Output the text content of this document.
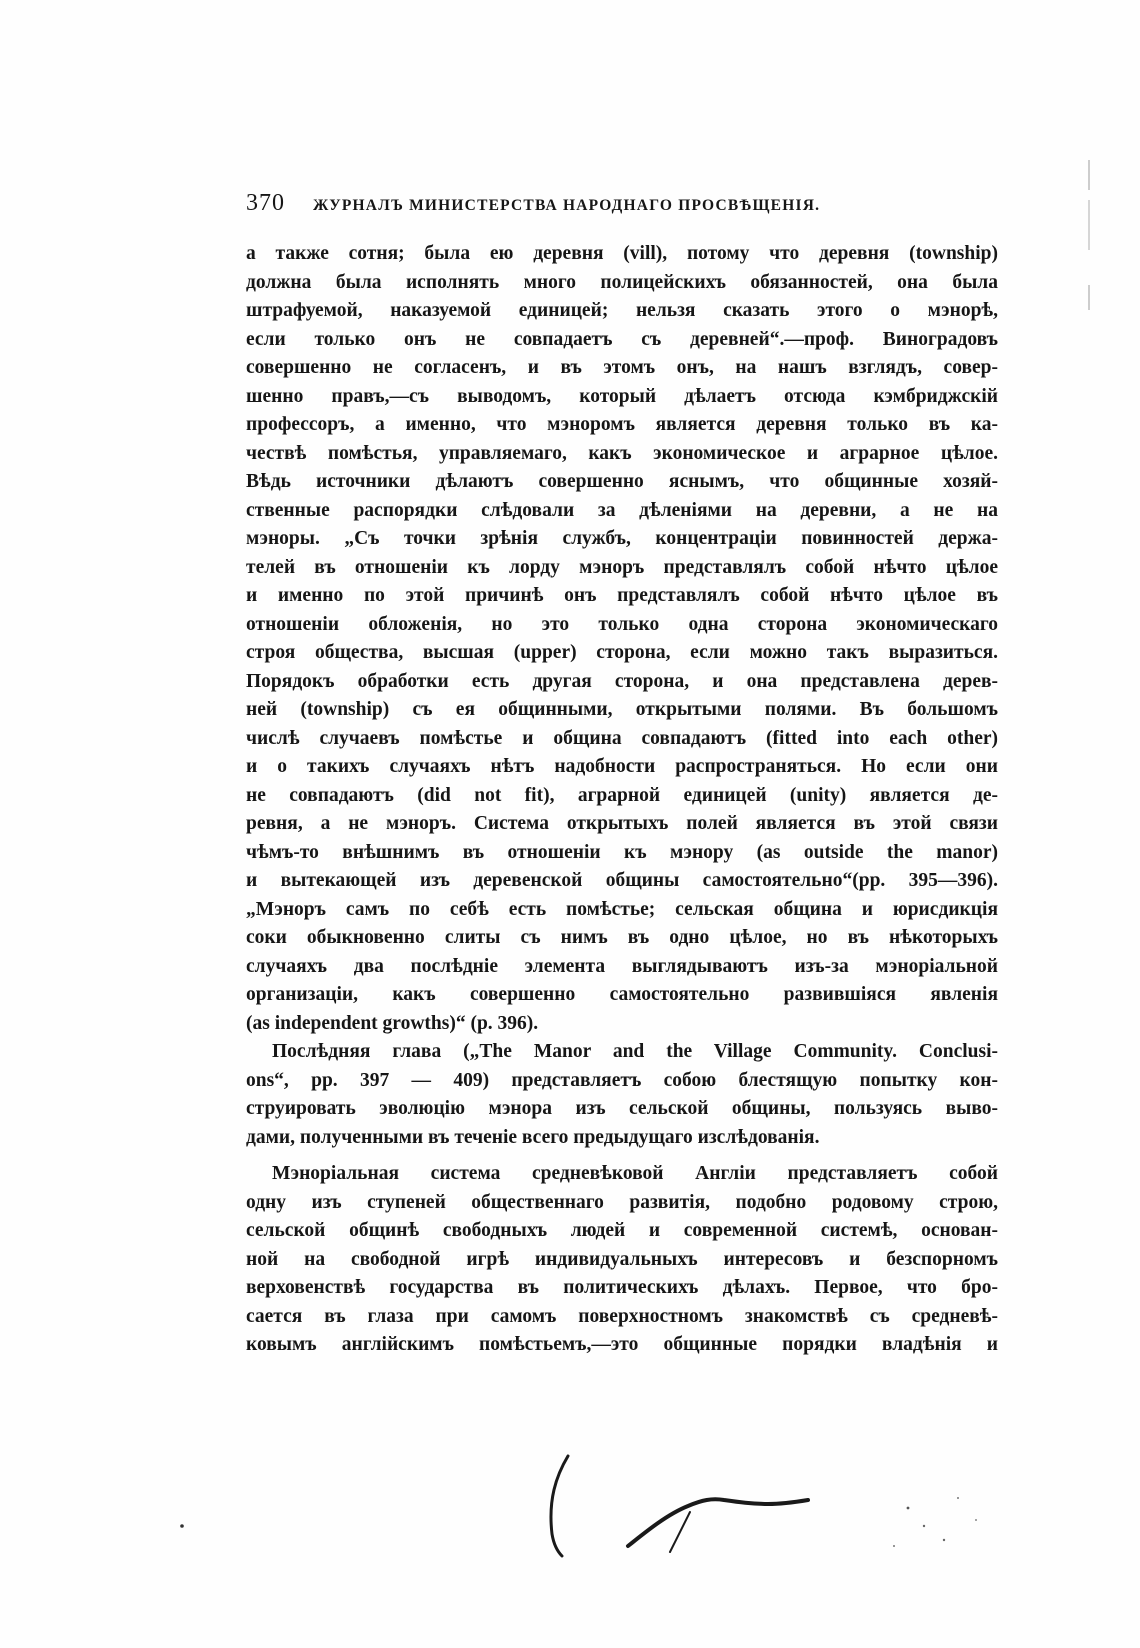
370 ЖУРНАЛЪ МИНИСТЕРСТВА НАРОДНАГО ПРОСВѢЩЕНІЯ.
а также сотня; была ею деревня (vill), потому что деревня (township)
должна была исполнять много полицейскихъ обязанностей, она была
штрафуемой, наказуемой единицей; нельзя сказать этого о мэнорѣ,
если только онъ не совпадаетъ съ деревней“.—проф. Виноградовъ
совершенно не согласенъ, и въ этомъ онъ, на нашъ взглядъ, совер-
шенно правъ,—съ выводомъ, который дѣлаетъ отсюда кэмбриджскій
профессоръ, а именно, что мэноромъ является деревня только въ ка-
чествѣ помѣстья, управляемаго, какъ экономическое и аграрное цѣлое.
Вѣдь источники дѣлаютъ совершенно яснымъ, что общинные хозяй-
ственные распорядки слѣдовали за дѣленіями на деревни, а не на
мэноры. „Съ точки зрѣнія службъ, концентраціи повинностей держа-
телей въ отношеніи къ лорду мэноръ представлялъ собой нѣчто цѣлое
и именно по этой причинѣ онъ представлялъ собой нѣчто цѣлое въ
отношеніи обложенія, но это только одна сторона экономическаго
строя общества, высшая (upper) сторона, если можно такъ выразиться.
Порядокъ обработки есть другая сторона, и она представлена дерев-
ней (township) съ ея общинными, открытыми полями. Въ большомъ
числѣ случаевъ помѣстье и община совпадаютъ (fitted into each other)
и о такихъ случаяхъ нѣтъ надобности распространяться. Но если они
не совпадаютъ (did not fit), аграрной единицей (unity) является де-
ревня, а не мэноръ. Система открытыхъ полей является въ этой связи
чѣмъ-то внѣшнимъ въ отношеніи къ мэнору (as outside the manor)
и вытекающей изъ деревенской общины самостоятельно“(pp. 395—396).
„Мэноръ самъ по себѣ есть помѣстье; сельская община и юрисдикція
соки обыкновенно слиты съ нимъ въ одно цѣлое, но въ нѣкоторыхъ
случаяхъ два послѣдніе элемента выглядываютъ изъ-за мэноріальной
организаціи, какъ совершенно самостоятельно развившіяся явленія
(as independent growths)“ (p. 396).
Послѣдняя глава („The Manor and the Village Community. Conclusi-
ons“, pp. 397 — 409) представляетъ собою блестящую попытку кон-
струировать эволюцію мэнора изъ сельской общины, пользуясь выво-
дами, полученными въ теченіе всего предыдущаго изслѣдованія.
Мэноріальная система средневѣковой Англіи представляетъ собой
одну изъ ступеней общественнаго развитія, подобно родовому строю,
сельской общинѣ свободныхъ людей и современной системѣ, основан-
ной на свободной игрѣ индивидуальныхъ интересовъ и безспорномъ
верховенствѣ государства въ политическихъ дѣлахъ. Первое, что бро-
сается въ глаза при самомъ поверхностномъ знакомствѣ съ средневѣ-
ковымъ англійскимъ помѣстьемъ,—это общинные порядки владѣнія и
